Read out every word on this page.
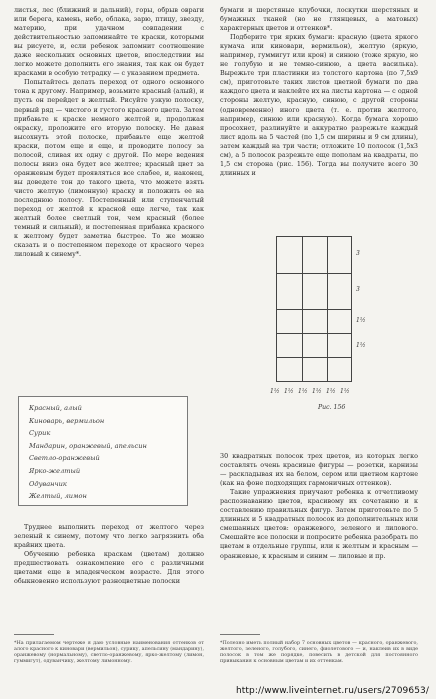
листья, лес (ближний и дальний), горы, обрыв овраги или берега, камень, небо, облака, зарю, птицу, звезду, материю, при удачном совпадении с действительностью запоминайте те краски, которыми вы рисуете, и, если ребенок запомнит соотношение даже нескольких основных цветов, впоследствии вы легко можете дополнить его знания, так как он будет красками в особую тетрадку — с указанием предмета.

Попытайтесь делать переход от одного основного тона к другому. Например, возьмите красный (алый), и пусть он перейдет в желтый. Рисуйте узкую полоску, первый ряд — чистого и густого красного цвета. Затем прибавьте к краске немного желтой и, продолжая окраску, проложите его вторую полоску. Не давая высохнуть этой полоске, прибавьте еще желтой краски, потом еще и еще, и проводите полосу за полосой, сливая их одну с другой. По мере ведения полосы вниз она будет все желтее; красный цвет за оранжевым будет проявляться все слабее, и, наконец, вы доведете тон до такого цвета, что можете взять чисто желтую (лимонную) краску и положить ее на последнюю полосу. Постепенный или ступенчатый переход от желтой к красной еще легче, так как желтый более светлый тон, чем красный (более темный и сильный), и постепенная прибавка красного к желтому будет заметна быстрее. То же можно сказать и о постепенном переходе от красного через лиловый к синему*.

Красный, алый
Киноварь, вермильон
Сурик
Мандарин, оранжевый, апельсин
Светло-оранжевый
Ярко-желтый
Одуванчик
Желтый, лимон

Труднее выполнить переход от желтого через зеленый к синему, потому что легко загрязнить оба крайних цвета.

Обучению ребенка краскам (цветам) должно предшествовать ознакомление его с различными цветами еще в младенческом возрасте. Для этого обыкновенно используют разноцветные полоски

бумаги и шерстяные клубочки, лоскутки шерстяных и бумажных тканей (но не глянцевых, а матовых) характерных цветов и оттенков*.

Подберите три ярких бумаги: красную (цвета яркого кумача или киновари, вермильон), желтую (яркую, например, гуммигут или крон) и синюю (тоже яркую, но не голубую и не темно-синюю, а цвета василька). Вырежьте три пластинки из толстого картона (по 7,5х9 см), приготовьте таких листов цветной бумаги по два каждого цвета и наклейте их на листы картона — с одной стороны желтую, красную, синюю, с другой стороны (одновременно) иного цвета (т. е. против желтого, например, синюю или красную). Когда бумага хорошо просохнет, разлинуйте и аккуратно разрежьте каждый лист вдоль на 5 частей (по 1,5 см ширины и 9 см длины), затем каждый на три части; отложите 10 полосок (1,5х3 см), а 5 полосок разрежьте еще пополам на квадраты, по 1,5 см сторона (рис. 156). Тогда вы получите всего 30 длинных и

3
3
1½
1½
1½ 1½ 1½ 1½ 1½ 1½
Рис. 156

30 квадратных полосок трех цветов, из которых легко составлять очень красивые фигуры — розетки, карнизы — раскладывая их на белом, сером или цветном картоне (как на фоне подходящих гармоничных оттенков).

Такие упражнения приучают ребенка к отчетливому распознаванию цветов, красивому их сочетанию и к составлению правильных фигур. Затем приготовьте по 5 длинных и 5 квадратных полосок из дополнительных или смешанных цветов: оранжевого, зеленого и лилового. Смешайте все полоски и попросите ребенка разобрать по цветам в отдельные группы, или к желтым и красным — оранжевые, к красным и синим — лиловые и пр.

*На прилагаемом чертеже я даю условные наименования оттенков от алого красного к киновари (вермильон), сурику, апельсину (мандарину), оранжевому (нормальному), светло-оранжевому, ярко-желтому (лимон, гуммигут), одуванчику, желтому лимонному.
*Полезно иметь полный набор 7 основных цветов — красного, оранжевого, желтого, зеленого, голубого, синего, фиолетового — и, наклеив их в виде полосок в том же порядке, повесить в детской для постоянного привыкания к основным цветам и их оттенкам.
http://www.liveinternet.ru/users/2709653/
